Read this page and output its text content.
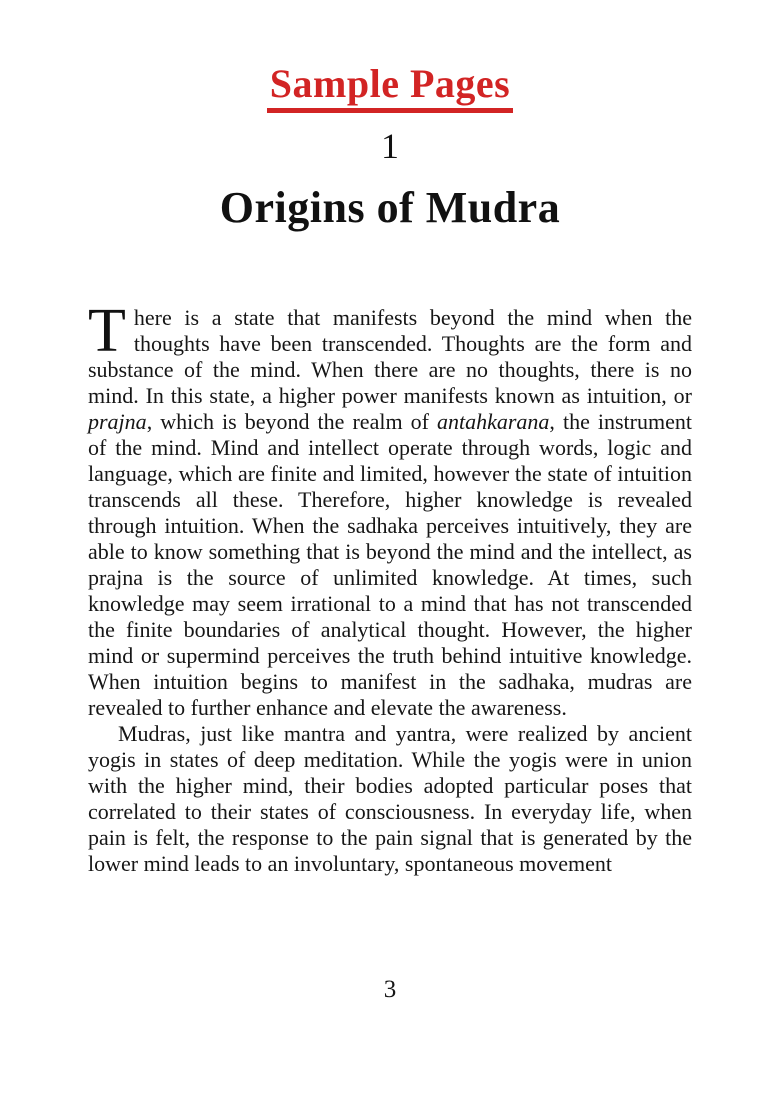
Sample Pages
1
Origins of Mudra

There is a state that manifests beyond the mind when the thoughts have been transcended. Thoughts are the form and substance of the mind. When there are no thoughts, there is no mind. In this state, a higher power manifests known as intuition, or prajna, which is beyond the realm of antahkarana, the instrument of the mind. Mind and intellect operate through words, logic and language, which are finite and limited, however the state of intuition transcends all these. Therefore, higher knowledge is revealed through intuition. When the sadhaka perceives intuitively, they are able to know something that is beyond the mind and the intellect, as prajna is the source of unlimited knowledge. At times, such knowledge may seem irrational to a mind that has not transcended the finite boundaries of analytical thought. However, the higher mind or supermind perceives the truth behind intuitive knowledge. When intuition begins to manifest in the sadhaka, mudras are revealed to further enhance and elevate the awareness.

Mudras, just like mantra and yantra, were realized by ancient yogis in states of deep meditation. While the yogis were in union with the higher mind, their bodies adopted particular poses that correlated to their states of consciousness. In everyday life, when pain is felt, the response to the pain signal that is generated by the lower mind leads to an involuntary, spontaneous movement

3
